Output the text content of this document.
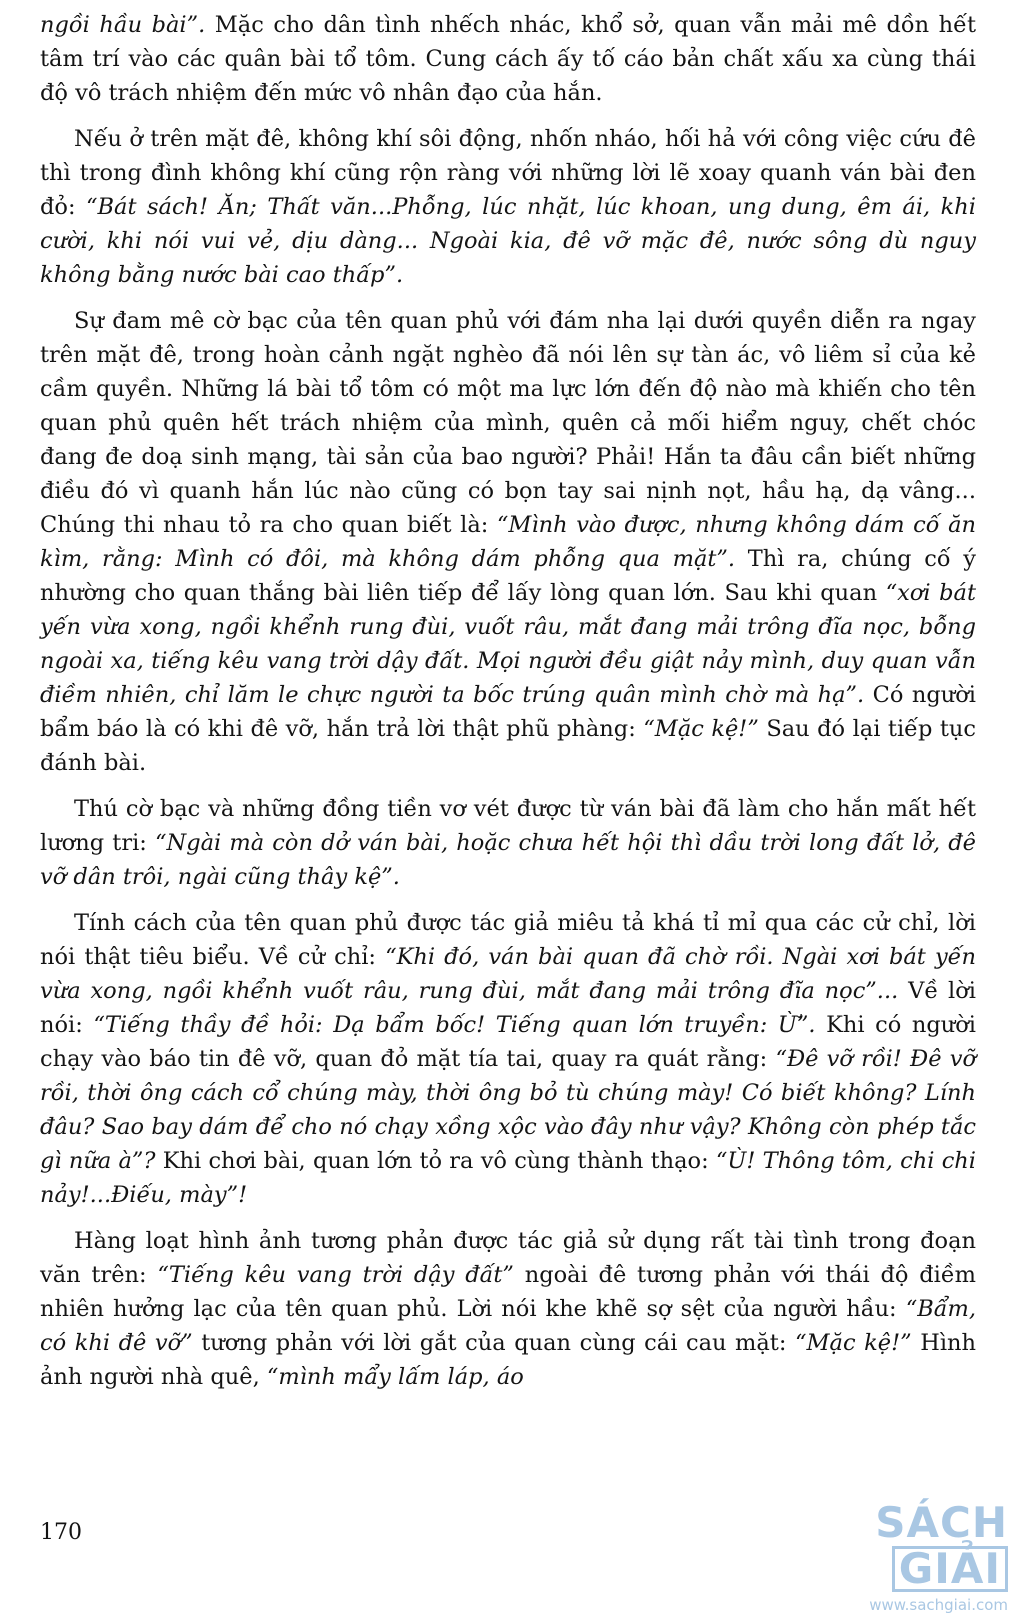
ngồi hầu bài”. Mặc cho dân tình nhếch nhác, khổ sở, quan vẫn mải mê dồn hết tâm trí vào các quân bài tổ tôm. Cung cách ấy tố cáo bản chất xấu xa cùng thái độ vô trách nhiệm đến mức vô nhân đạo của hắn.

Nếu ở trên mặt đê, không khí sôi động, nhốn nháo, hối hả với công việc cứu đê thì trong đình không khí cũng rộn ràng với những lời lẽ xoay quanh ván bài đen đỏ: “Bát sách! Ăn; Thất văn...Phỗng, lúc nhặt, lúc khoan, ung dung, êm ái, khi cười, khi nói vui vẻ, dịu dàng... Ngoài kia, đê vỡ mặc đê, nước sông dù nguy không bằng nước bài cao thấp”.

Sự đam mê cờ bạc của tên quan phủ với đám nha lại dưới quyền diễn ra ngay trên mặt đê, trong hoàn cảnh ngặt nghèo đã nói lên sự tàn ác, vô liêm sỉ của kẻ cầm quyền. Những lá bài tổ tôm có một ma lực lớn đến độ nào mà khiến cho tên quan phủ quên hết trách nhiệm của mình, quên cả mối hiểm nguy, chết chóc đang đe doạ sinh mạng, tài sản của bao người? Phải! Hắn ta đâu cần biết những điều đó vì quanh hắn lúc nào cũng có bọn tay sai nịnh nọt, hầu hạ, dạ vâng... Chúng thi nhau tỏ ra cho quan biết là: “Mình vào được, nhưng không dám cố ăn kìm, rằng: Mình có đôi, mà không dám phỗng qua mặt”. Thì ra, chúng cố ý nhường cho quan thắng bài liên tiếp để lấy lòng quan lớn. Sau khi quan “xơi bát yến vừa xong, ngồi khểnh rung đùi, vuốt râu, mắt đang mải trông đĩa nọc, bỗng ngoài xa, tiếng kêu vang trời dậy đất. Mọi người đều giật nảy mình, duy quan vẫn điềm nhiên, chỉ lăm le chực người ta bốc trúng quân mình chờ mà hạ”. Có người bẩm báo là có khi đê vỡ, hắn trả lời thật phũ phàng: “Mặc kệ!” Sau đó lại tiếp tục đánh bài.

Thú cờ bạc và những đồng tiền vơ vét được từ ván bài đã làm cho hắn mất hết lương tri: “Ngài mà còn dở ván bài, hoặc chưa hết hội thì dầu trời long đất lở, đê vỡ dân trôi, ngài cũng thây kệ”.

Tính cách của tên quan phủ được tác giả miêu tả khá tỉ mỉ qua các cử chỉ, lời nói thật tiêu biểu. Về cử chỉ: “Khi đó, ván bài quan đã chờ rồi. Ngài xơi bát yến vừa xong, ngồi khểnh vuốt râu, rung đùi, mắt đang mải trông đĩa nọc”... Về lời nói: “Tiếng thầy đề hỏi: Dạ bẩm bốc! Tiếng quan lớn truyền: Ừ”. Khi có người chạy vào báo tin đê vỡ, quan đỏ mặt tía tai, quay ra quát rằng: “Đê vỡ rồi! Đê vỡ rồi, thời ông cách cổ chúng mày, thời ông bỏ tù chúng mày! Có biết không? Lính đâu? Sao bay dám để cho nó chạy xồng xộc vào đây như vậy? Không còn phép tắc gì nữa à”? Khi chơi bài, quan lớn tỏ ra vô cùng thành thạo: “Ù! Thông tôm, chi chi nảy!...Điếu, mày”!

Hàng loạt hình ảnh tương phản được tác giả sử dụng rất tài tình trong đoạn văn trên: “Tiếng kêu vang trời dậy đất” ngoài đê tương phản với thái độ điềm nhiên hưởng lạc của tên quan phủ. Lời nói khe khẽ sợ sệt của người hầu: “Bẩm, có khi đê vỡ” tương phản với lời gắt của quan cùng cái cau mặt: “Mặc kệ!” Hình ảnh người nhà quê, “mình mẩy lấm láp, áo

170	SÁCHGIẢI
www.sachgiai.com
